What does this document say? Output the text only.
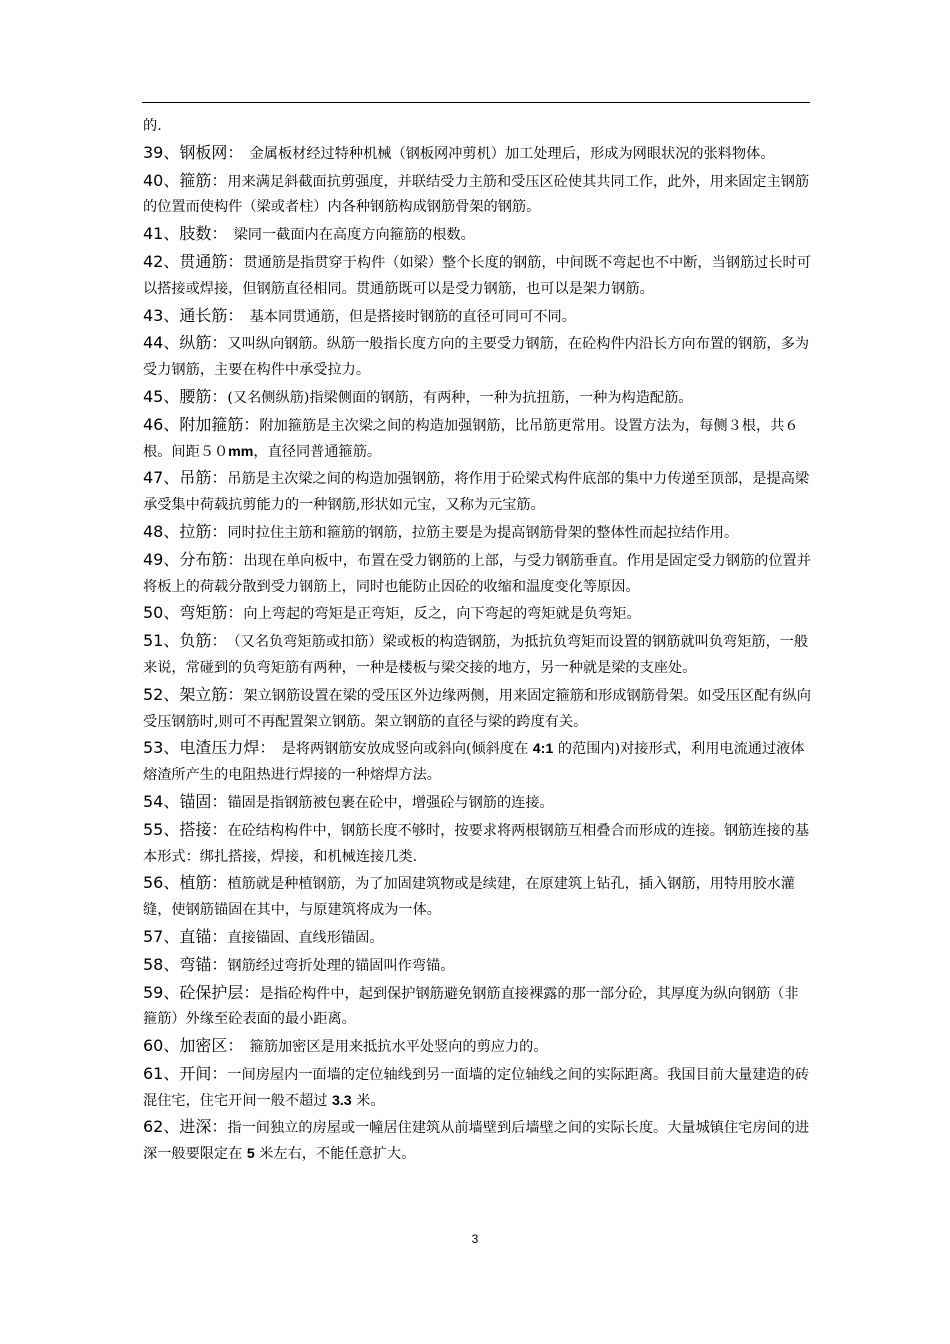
的.

39、钢板网：　金属板材经过特种机械（钢板网冲剪机）加工处理后，形成为网眼状况的张料物体。

40、箍筋：用来满足斜截面抗剪强度，并联结受力主筋和受压区砼使其共同工作，此外，用来固定主钢筋的位置而使构件（梁或者柱）内各种钢筋构成钢筋骨架的钢筋。

41、肢数：　梁同一截面内在高度方向箍筋的根数。

42、贯通筋：贯通筋是指贯穿于构件（如梁）整个长度的钢筋，中间既不弯起也不中断，当钢筋过长时可以搭接或焊接，但钢筋直径相同。贯通筋既可以是受力钢筋，也可以是架力钢筋。

43、通长筋：　基本同贯通筋，但是搭接时钢筋的直径可同可不同。

44、纵筋：又叫纵向钢筋。纵筋一般指长度方向的主要受力钢筋，在砼构件内沿长方向布置的钢筋，多为受力钢筋，主要在构件中承受拉力。

45、腰筋：(又名侧纵筋)指梁侧面的钢筋，有两种，一种为抗扭筋，一种为构造配筋。

46、附加箍筋：附加箍筋是主次梁之间的构造加强钢筋，比吊筋更常用。设置方法为，每侧３根，共６根。间距５０mm，直径同普通箍筋。

47、吊筋：吊筋是主次梁之间的构造加强钢筋，将作用于砼梁式构件底部的集中力传递至顶部，是提高梁承受集中荷载抗剪能力的一种钢筋,形状如元宝，又称为元宝筋。

48、拉筋：同时拉住主筋和箍筋的钢筋，拉筋主要是为提高钢筋骨架的整体性而起拉结作用。

49、分布筋：出现在单向板中，布置在受力钢筋的上部，与受力钢筋垂直。作用是固定受力钢筋的位置并将板上的荷载分散到受力钢筋上，同时也能防止因砼的收缩和温度变化等原因。

50、弯矩筋：向上弯起的弯矩是正弯矩，反之，向下弯起的弯矩就是负弯矩。

51、负筋：　（又名负弯矩筋或扣筋）梁或板的构造钢筋，为抵抗负弯矩而设置的钢筋就叫负弯矩筋，一般来说，常碰到的负弯矩筋有两种，一种是楼板与梁交接的地方，另一种就是梁的支座处。

52、架立筋：架立钢筋设置在梁的受压区外边缘两侧，用来固定箍筋和形成钢筋骨架。如受压区配有纵向受压钢筋时,则可不再配置架立钢筋。架立钢筋的直径与梁的跨度有关。

53、电渣压力焊：　是将两钢筋安放成竖向或斜向(倾斜度在 4:1 的范围内)对接形式，利用电流通过液体熔渣所产生的电阻热进行焊接的一种熔焊方法。

54、锚固：锚固是指钢筋被包裹在砼中，增强砼与钢筋的连接。

55、搭接：在砼结构构件中，钢筋长度不够时，按要求将两根钢筋互相叠合而形成的连接。钢筋连接的基本形式：绑扎搭接，焊接，和机械连接几类.

56、植筋：植筋就是种植钢筋，为了加固建筑物或是续建，在原建筑上钻孔，插入钢筋，用特用胶水灌缝，使钢筋锚固在其中，与原建筑将成为一体。

57、直锚：直接锚固、直线形锚固。

58、弯锚：钢筋经过弯折处理的锚固叫作弯锚。

59、砼保护层：是指砼构件中，起到保护钢筋避免钢筋直接裸露的那一部分砼，其厚度为纵向钢筋（非箍筋）外缘至砼表面的最小距离。

60、加密区：　箍筋加密区是用来抵抗水平处竖向的剪应力的。

61、开间：一间房屋内一面墙的定位轴线到另一面墙的定位轴线之间的实际距离。我国目前大量建造的砖混住宅，住宅开间一般不超过 3.3 米。

62、进深：指一间独立的房屋或一幢居住建筑从前墙壁到后墙壁之间的实际长度。大量城镇住宅房间的进深一般要限定在 5 米左右，不能任意扩大。

3
